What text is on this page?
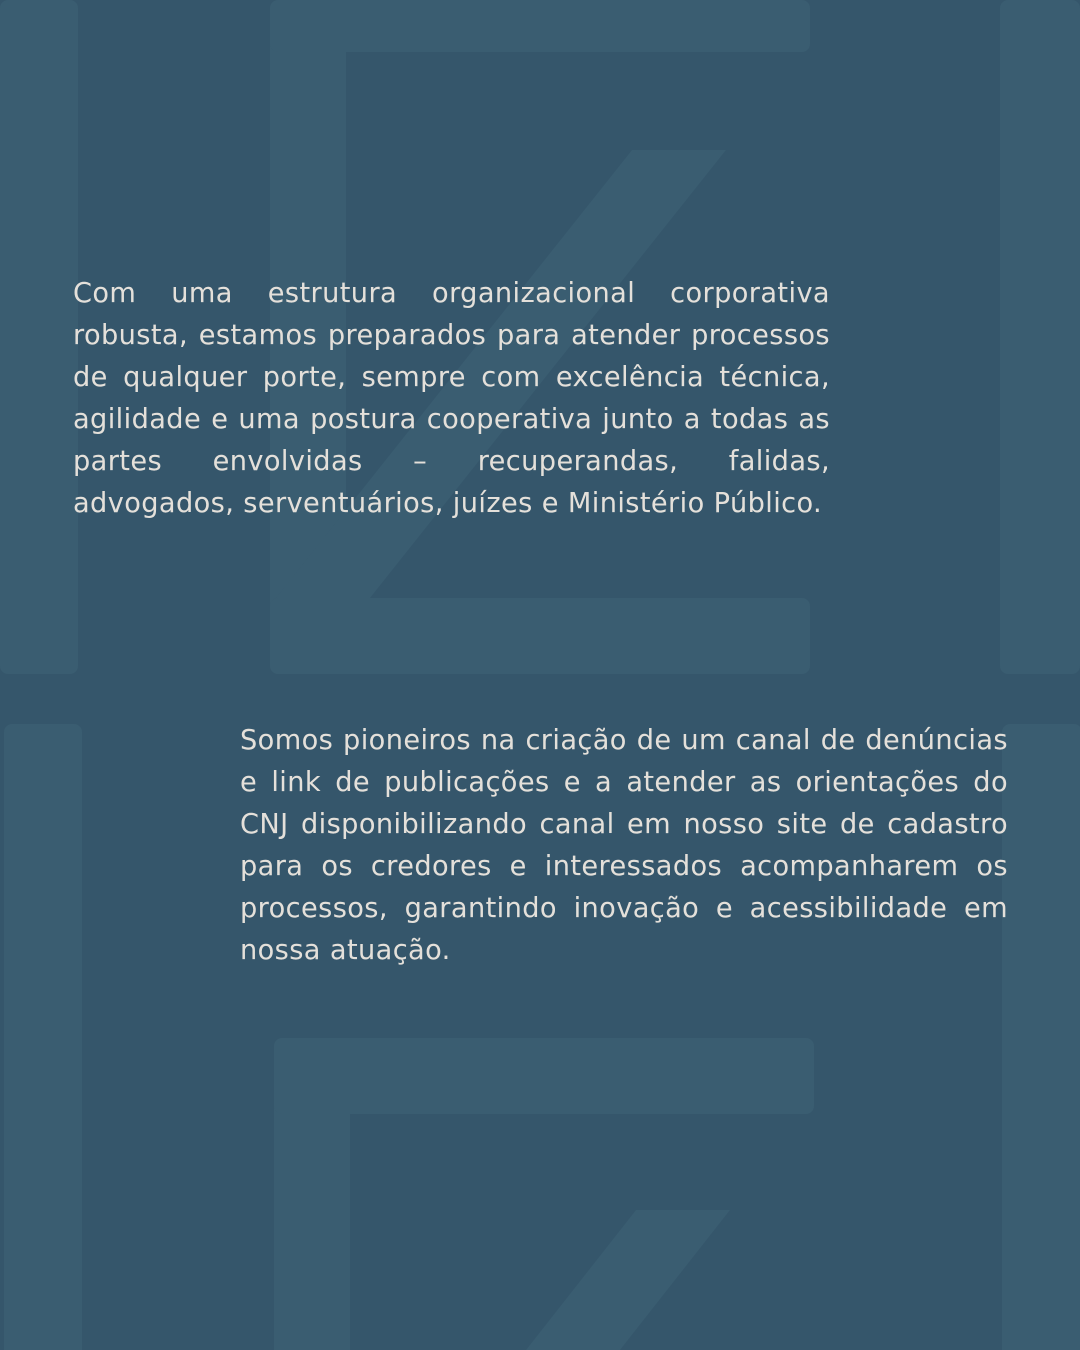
Com uma estrutura organizacional corporativa robusta, estamos preparados para atender processos de qualquer porte, sempre com excelência técnica, agilidade e uma postura cooperativa junto a todas as partes envolvidas – recuperandas, falidas, advogados, serventuários, juízes e Ministério Público.

Somos pioneiros na criação de um canal de denúncias e link de publicações e a atender as orientações do CNJ disponibilizando canal em nosso site de cadastro para os credores e interessados acompanharem os processos, garantindo inovação e acessibilidade em nossa atuação.
